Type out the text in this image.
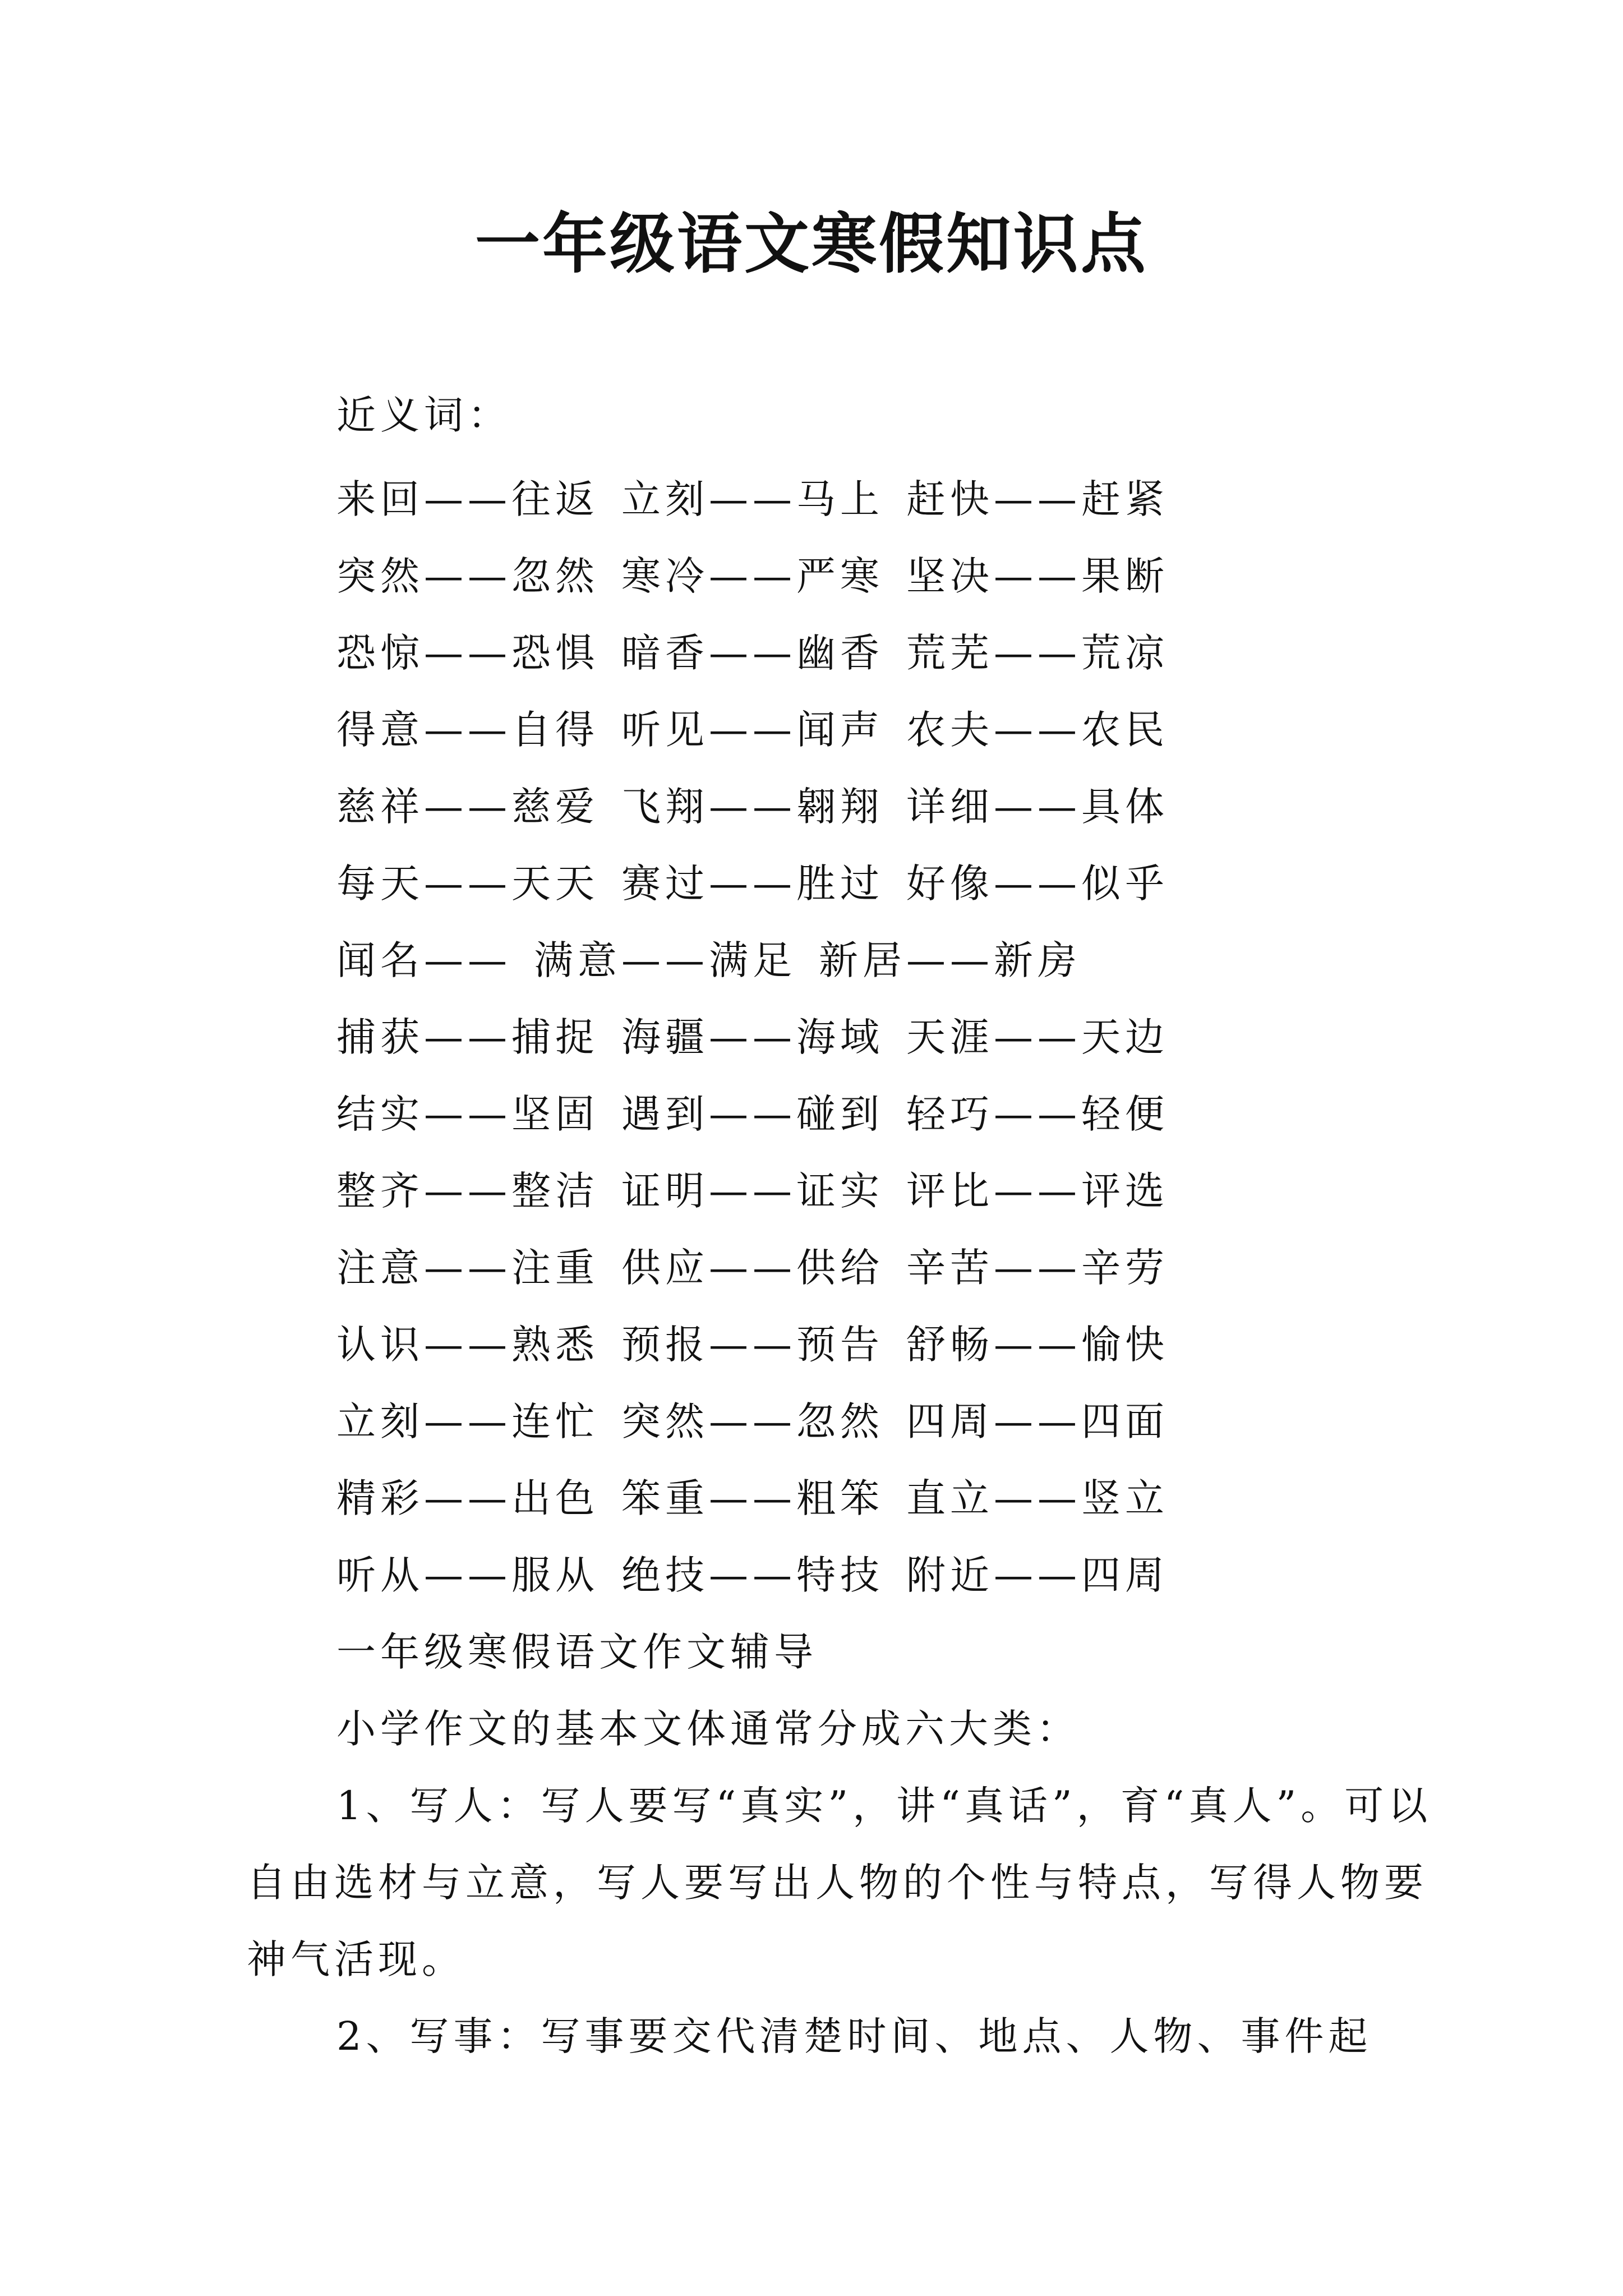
一年级语文寒假知识点
近义词：
来回——往返 立刻——马上 赶快——赶紧
突然——忽然 寒冷——严寒 坚决——果断
恐惊——恐惧 暗香——幽香 荒芜——荒凉
得意——自得 听见——闻声 农夫——农民
慈祥——慈爱 飞翔——翱翔 详细——具体
每天——天天 赛过——胜过 好像——似乎
闻名——满意——满足 新居——新房
捕获——捕捉 海疆——海域 天涯——天边
结实——坚固 遇到——碰到 轻巧——轻便
整齐——整洁 证明——证实 评比——评选
注意——注重 供应——供给 辛苦——辛劳
认识——熟悉 预报——预告 舒畅——愉快
立刻——连忙 突然——忽然 四周——四面
精彩——出色 笨重——粗笨 直立——竖立
听从——服从 绝技——特技 附近——四周
一年级寒假语文作文辅导
小学作文的基本文体通常分成六大类：

1、写人：写人要写“真实”，讲“真话”，育“真人”。可以自由选材与立意，写人要写出人物的个性与特点，写得人物要神气活现。

2、写事：写事要交代清楚时间、地点、人物、事件起
